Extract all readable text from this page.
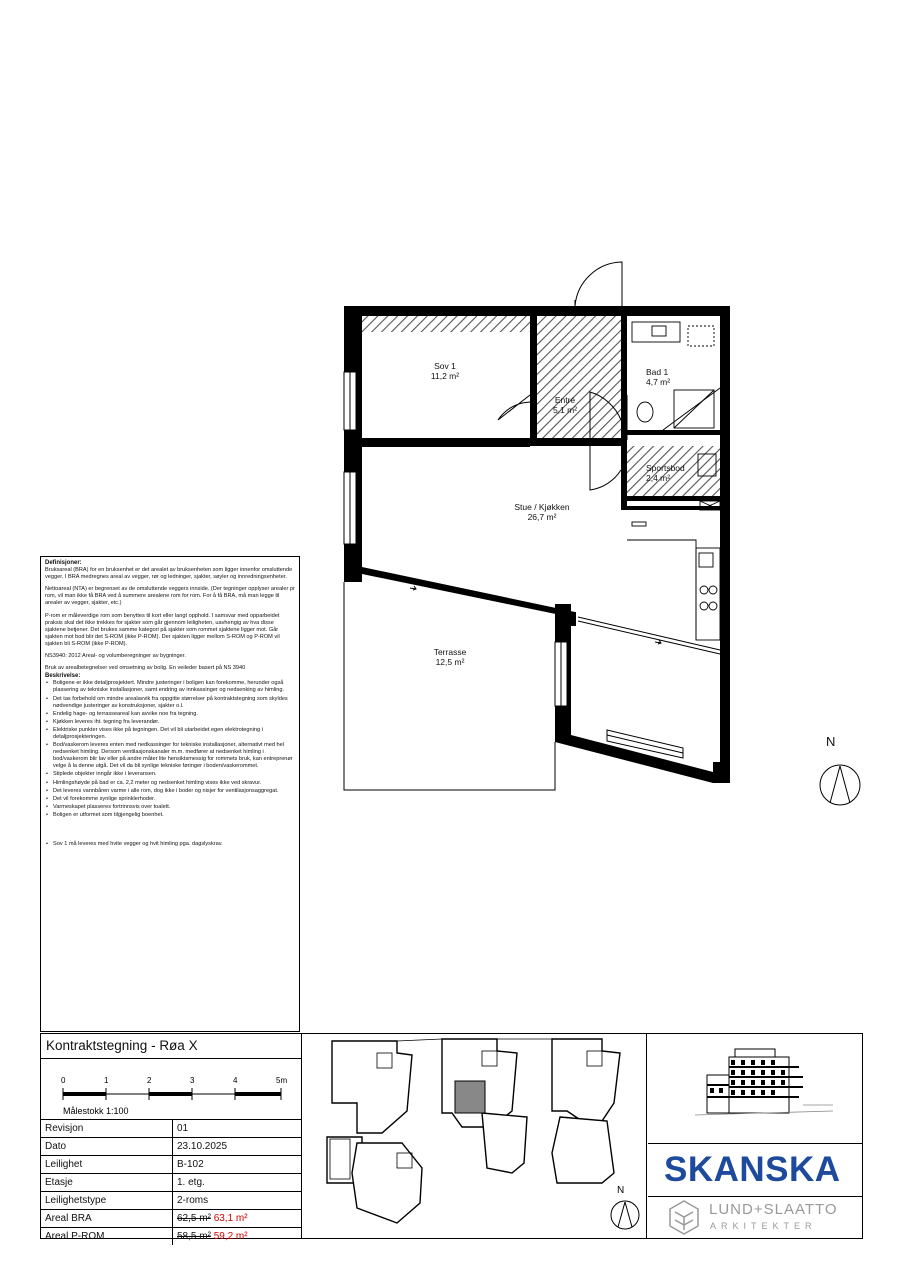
Sov 1
11,2 m²
Entré
5,1 m²
Bad 1
4,7 m²
Sportsbod
2,4 m²
Stue / Kjøkken
26,7 m²
Terrasse
12,5 m²
N
Definisjoner:

Bruksareal (BRA) for en bruksenhet er det arealet av bruksenheten som ligger innenfor omsluttende vegger. I BRA medregnes areal av vegger, rør og ledninger, sjakter, søyler og innredningsenheter.

Nettoareal (NTA) er begrenset av de omsluttende veggers innside. (Der tegninger opplyser arealer pr rom, vil man ikke få BRA ved å summere arealene rom for rom. For å få BRA, må man legge til arealer av vegger, sjakter, etc.)

P-rom er måleverdige rom som benyttes til kort eller langt opphold. I samsvar med opparbeidet praksis skal det ikke trekkes for sjakter som går gjennom leiligheten, uavhengig av hva disse sjaktene betjener. Det brukes samme kategori på sjakter som rommet sjaktene ligger mot. Går sjakten mot bod blir det S-ROM (ikke P-ROM). Der sjakten ligger mellom S-ROM og P-ROM vil sjakten bli S-ROM (ikke P-ROM).

NS3940: 2012 Areal- og volumberegninger av bygninger.

Bruk av arealbetegnelser ved omsetning av bolig. En veileder basert på NS 3940

Beskrivelse:
• Boligene er ikke detaljprosjektert. Mindre justeringer i boligen kan forekomme, herunder også plassering av tekniske installasjoner, samt endring av innkassinger og nedsenking av himling.
• Det tas forbehold om mindre arealavvik fra oppgitte størrelser på kontraktstegning som skyldes nødvendige justeringer av konstruksjoner, sjakter o.l.
• Endelig hage- og terrasseareal kan avvike noe fra tegning.
• Kjøkken leveres iht. tegning fra leverandør.
• Elektriske punkter vises ikke på tegningen. Det vil bli utarbeidet egen elektrotegning i detaljprosjekteringen.
• Bod/vaskerom leveres enten med nedkassinger for tekniske installasjoner, alternativt med hel nedsenket himling. Dersom ventilasjonskanaler m.m. medfører at nedsenket himling i bod/vaskerom blir lav eller på andre måter lite hensiktsmessig for rommets bruk, kan entreprenør velge å la denne utgå. Det vil da bli synlige tekniske føringer i boden/vaskerommet.
• Stiplede objekter inngår ikke i leveransen.
• Himlingshøyde på bad er ca. 2,2 meter og nedsenket himling vises ikke ved skravur.
• Det leveres vannbåren varme i alle rom, dog ikke i boder og nisjer for ventilasjonsaggregat.
• Det vil forekomme synlige sprinklerhoder.
• Varmeskapet plasseres fortrinnsvis over toalett.
• Boligen er utformet som tilgjengelig boenhet.
• Sov 1 må leveres med hvite vegger og hvit himling pga. dagslyskrav.
Kontraktstegning - Røa X
0	1	2	3	4	5m
Målestokk 1:100
Revisjon	01
Dato	23.10.2025
Leilighet	B-102
Etasje	1. etg.
Leilighetstype	2-roms
Areal BRA	62,5 m² 63,1 m²
Areal P-ROM	58,5 m² 59,2 m²
N
SKANSKA
LUND+SLAATTO
ARKITEKTER
